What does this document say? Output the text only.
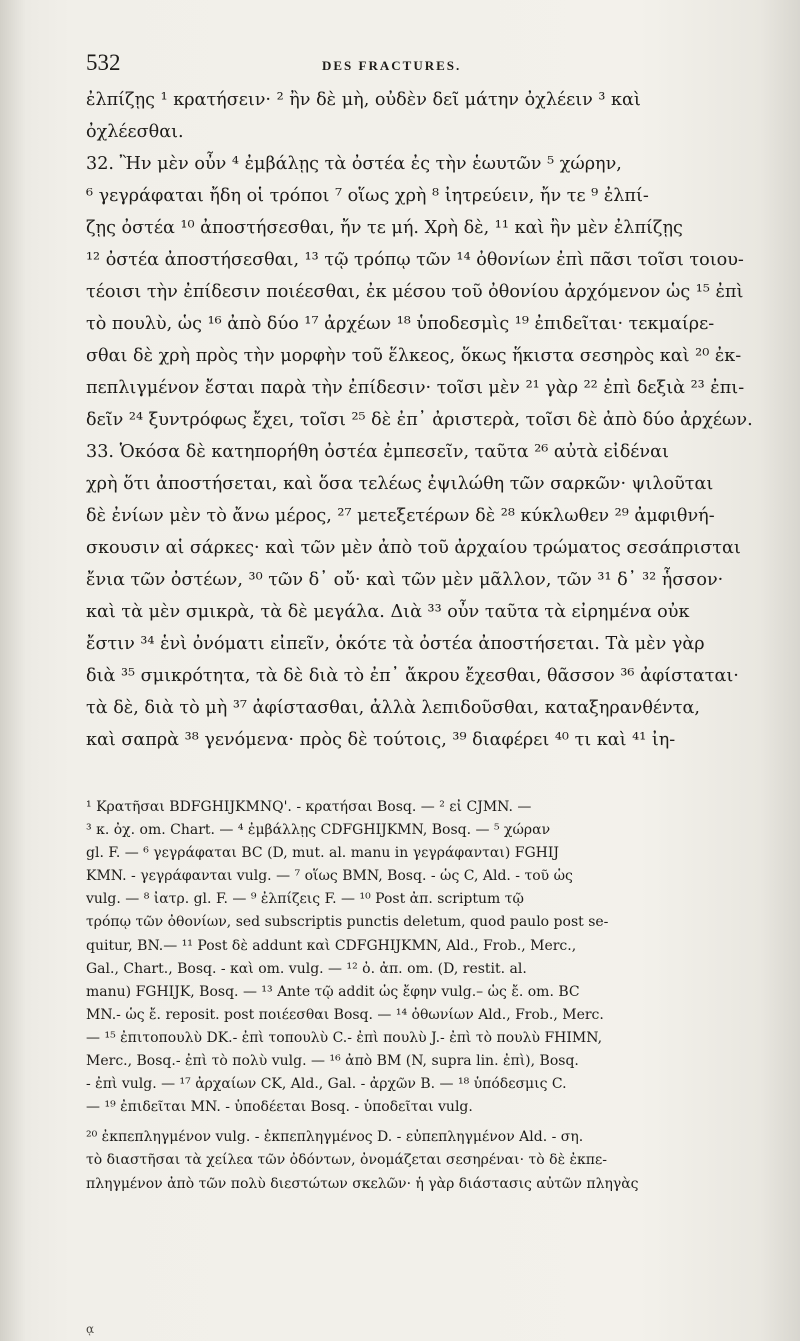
532	DES FRACTURES.
ἐλπίζῃς ¹ κρατήσειν· ² ἢν δὲ μὴ, οὐδὲν δεῖ μάτην ὀχλέειν ³ καὶ
ὀχλέεσθαι.
32. Ἢν μὲν οὖν ⁴ ἐμβάλῃς τὰ ὀστέα ἐς τὴν ἑωυτῶν ⁵ χώρην,
⁶ γεγράφαται ἤδη οἱ τρόποι ⁷ οἵως χρὴ ⁸ ἰητρεύειν, ἤν τε ⁹ ἐλπί-
ζῃς ὀστέα ¹⁰ ἀποστήσεσθαι, ἤν τε μή. Χρὴ δὲ, ¹¹ καὶ ἢν μὲν ἐλπίζῃς
¹² ὀστέα ἀποστήσεσθαι, ¹³ τῷ τρόπῳ τῶν ¹⁴ ὀθονίων ἐπὶ πᾶσι τοῖσι τοιου-
τέοισι τὴν ἐπίδεσιν ποιέεσθαι, ἐκ μέσου τοῦ ὀθονίου ἀρχόμενον ὡς ¹⁵ ἐπὶ
τὸ πουλὺ, ὡς ¹⁶ ἀπὸ δύο ¹⁷ ἀρχέων ¹⁸ ὑποδεσμὶς ¹⁹ ἐπιδεῖται· τεκμαίρε-
σθαι δὲ χρὴ πρὸς τὴν μορφὴν τοῦ ἕλκεος, ὅκως ἥκιστα σεσηρὸς καὶ ²⁰ ἐκ-
πεπλιγμένον ἔσται παρὰ τὴν ἐπίδεσιν· τοῖσι μὲν ²¹ γὰρ ²² ἐπὶ δεξιὰ ²³ ἐπι-
δεῖν ²⁴ ξυντρόφως ἔχει, τοῖσι ²⁵ δὲ ἐπ᾽ ἀριστερὰ, τοῖσι δὲ ἀπὸ δύο ἀρχέων.
33. Ὁκόσα δὲ κατηπορήθη ὀστέα ἐμπεσεῖν, ταῦτα ²⁶ αὐτὰ εἰδέναι
χρὴ ὅτι ἀποστήσεται, καὶ ὅσα τελέως ἐψιλώθη τῶν σαρκῶν· ψιλοῦται
δὲ ἐνίων μὲν τὸ ἄνω μέρος, ²⁷ μετεξετέρων δὲ ²⁸ κύκλωθεν ²⁹ ἀμφιθνή-
σκουσιν αἱ σάρκες· καὶ τῶν μὲν ἀπὸ τοῦ ἀρχαίου τρώματος σεσάπρισται
ἔνια τῶν ὀστέων, ³⁰ τῶν δ᾽ οὔ· καὶ τῶν μὲν μᾶλλον, τῶν ³¹ δ᾽ ³² ἧσσον·
καὶ τὰ μὲν σμικρὰ, τὰ δὲ μεγάλα. Διὰ ³³ οὖν ταῦτα τὰ εἰρημένα οὐκ
ἔστιν ³⁴ ἑνὶ ὀνόματι εἰπεῖν, ὁκότε τὰ ὀστέα ἀποστήσεται. Τὰ μὲν γὰρ
διὰ ³⁵ σμικρότητα, τὰ δὲ διὰ τὸ ἐπ᾽ ἄκρου ἔχεσθαι, θᾶσσον ³⁶ ἀφίσταται·
τὰ δὲ, διὰ τὸ μὴ ³⁷ ἀφίστασθαι, ἀλλὰ λεπιδοῦσθαι, καταξηρανθέντα,
καὶ σαπρὰ ³⁸ γενόμενα· πρὸς δὲ τούτοις, ³⁹ διαφέρει ⁴⁰ τι καὶ ⁴¹ ἰη-
¹ Κρατῆσαι BDFGHIJKMNQ'. - κρατήσαι Bosq. — ² εἰ CJMN. —
³ κ. ὀχ. om. Chart. — ⁴ ἐμβάλλῃς CDFGHIJKMN, Bosq. — ⁵ χώραν
gl. F. — ⁶ γεγράφαται BC (D, mut. al. manu in γεγράφανται) FGHIJ
KMN. - γεγράφανται vulg. — ⁷ οἵως BMN, Bosq. - ὡς C, Ald. - τοῦ ὡς
vulg. — ⁸ ἰατρ. gl. F. — ⁹ ἐλπίζεις F. — ¹⁰ Post ἀπ. scriptum τῷ
τρόπῳ τῶν ὀθονίων, sed subscriptis punctis deletum, quod paulo post se-
quitur, BN.— ¹¹ Post δὲ addunt καὶ CDFGHIJKMN, Ald., Frob., Merc.,
Gal., Chart., Bosq. - καὶ om. vulg. — ¹² ὀ. ἀπ. om. (D, restit. al.
manu) FGHIJK, Bosq. — ¹³ Ante τῷ addit ὡς ἔφην vulg.– ὡς ἔ. om. BC
MN.- ὡς ἔ. reposit. post ποιέεσθαι Bosq. — ¹⁴ ὀθωνίων Ald., Frob., Merc.
— ¹⁵ ἐπιτοπουλὺ DK.- ἐπὶ τοπουλὺ C.- ἐπὶ πουλὺ J.- ἐπὶ τὸ πουλὺ FHIMN,
Merc., Bosq.- ἐπὶ τὸ πολὺ vulg. — ¹⁶ ἀπὸ BM (N, supra lin. ἐπὶ), Bosq.
- ἐπὶ vulg. — ¹⁷ ἀρχαίων CK, Ald., Gal. - ἀρχῶν B. — ¹⁸ ὑπόδεσμις C.
— ¹⁹ ἐπιδεῖται MN. - ὑποδέεται Bosq. - ὑποδεῖται vulg.
²⁰ ἐκπεπληγμένον vulg. - ἐκπεπληγμένος D. - εὐπεπληγμένον Ald. - ση.
τὸ διαστῆσαι τὰ χείλεα τῶν ὀδόντων, ὀνομάζεται σεσηρέναι· τὸ δὲ ἐκπε-
πληγμένον ἀπὸ τῶν πολὺ διεστώτων σκελῶν· ἡ γὰρ διάστασις αὐτῶν πληγὰς
ᾳ
